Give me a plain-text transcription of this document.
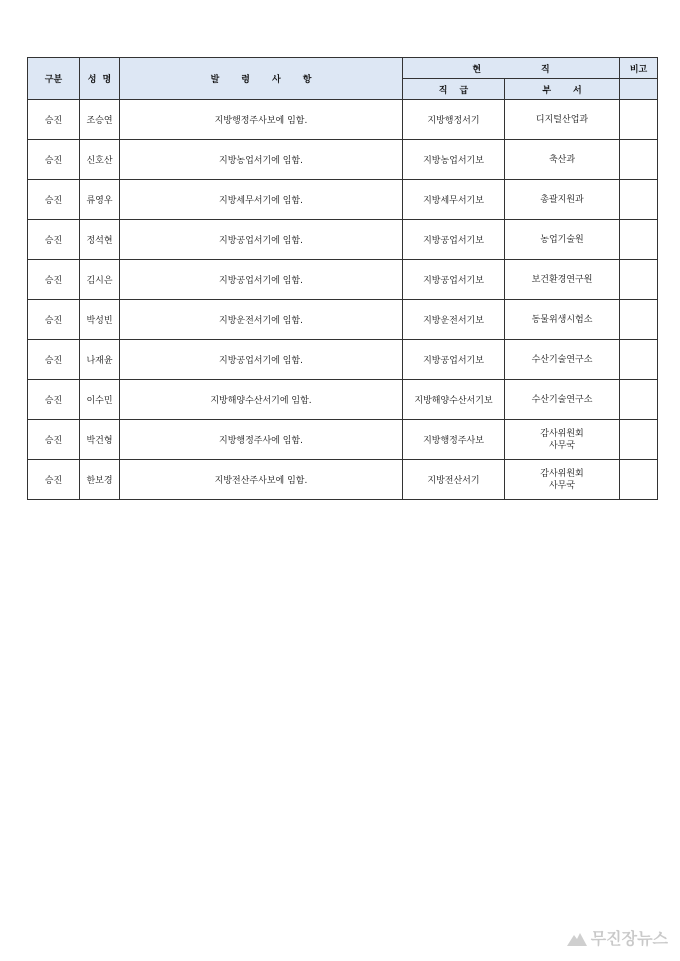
구분	성명	발령사항	현직		비고
			직급	부서	
승진	조승연	지방행정주사보에 임함.	지방행정서기	디지털산업과	

승진	신호산	지방농업서기에 임함.	지방농업서기보	축산과	

승진	류영우	지방세무서기에 임함.	지방세무서기보	총괄지원과	

승진	정석현	지방공업서기에 임함.	지방공업서기보	농업기술원	

승진	김시은	지방공업서기에 임함.	지방공업서기보	보건환경연구원	

승진	박성빈	지방운전서기에 임함.	지방운전서기보	동물위생시험소	

승진	나재윤	지방공업서기에 임함.	지방공업서기보	수산기술연구소	

승진	이수민	지방해양수산서기에 임함.	지방해양수산서기보	수산기술연구소	

승진	박건형	지방행정주사에 임함.	지방행정주사보	감사위원회
사무국	

승진	한보경	지방전산주사보에 임함.	지방전산서기	감사위원회
사무국	

무진장뉴스
